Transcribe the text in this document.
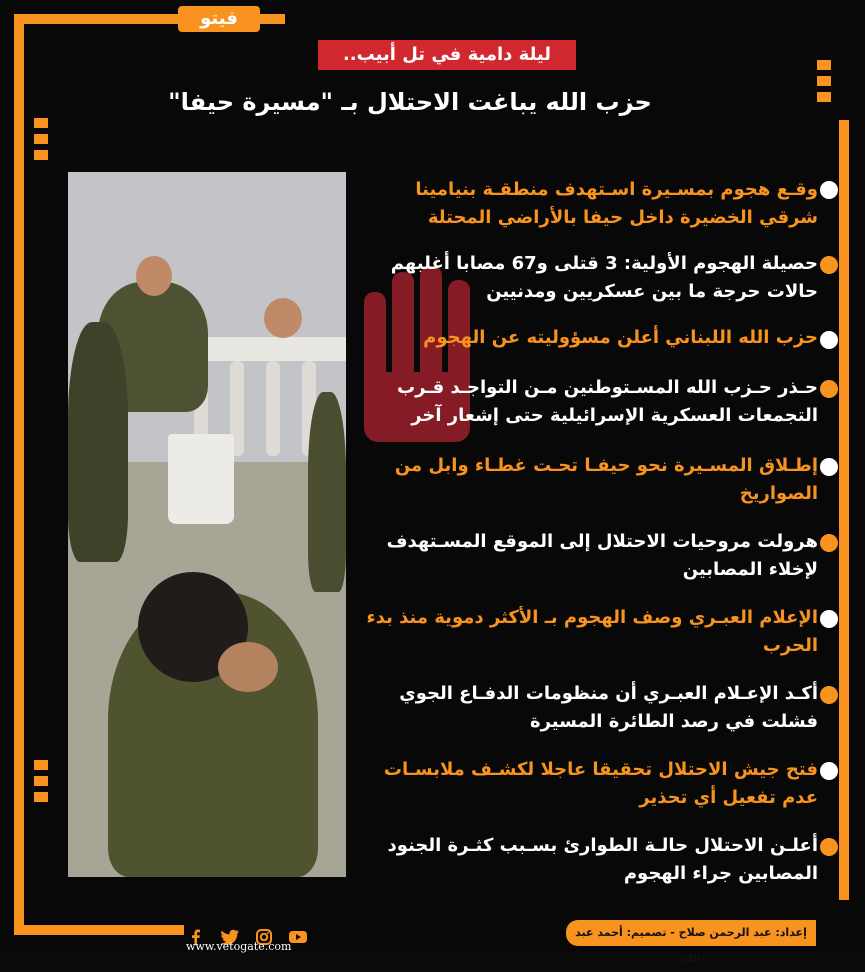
فيتو
ليلة دامية في تل أبيب..
حزب الله يباغت الاحتلال بـ "مسيرة حيفا"
وقـع هجوم بمسـيرة اسـتهدف منطقـة بنيامينا شرقي الخضيرة داخل حيفا بالأراضي المحتلة
حصيلة الهجوم الأولية: 3 قتلى و67 مصابا أغلبهم حالات حرجة ما بين عسكريين ومدنيين
حزب الله اللبناني أعلن مسؤوليته عن الهجوم
حـذر حـزب الله المسـتوطنين مـن التواجـد قـرب التجمعات العسكرية الإسرائيلية حتى إشعار آخر
إطـلاق المسـيرة نحو حيفـا تحـت غطـاء وابل من الصواريخ
هرولت مروحيات الاحتلال إلى الموقع المسـتهدف لإخلاء المصابين
الإعلام العبـري وصف الهجوم بـ الأكثر دموية منذ بدء الحرب
أكـد الإعـلام العبـري أن منظومات الدفـاع الجوي فشلت في رصد الطائرة المسيرة
فتح جيش الاحتلال تحقيقا عاجلا لكشـف ملابسـات عدم تفعيل أي تحذير
أعلـن الاحتلال حالـة الطوارئ بسـبب كثـرة الجنود المصابين جراء الهجوم
إعداد: عبد الرحمن صلاح - تصميم: أحمد عبد الله

www.vetogate.com
